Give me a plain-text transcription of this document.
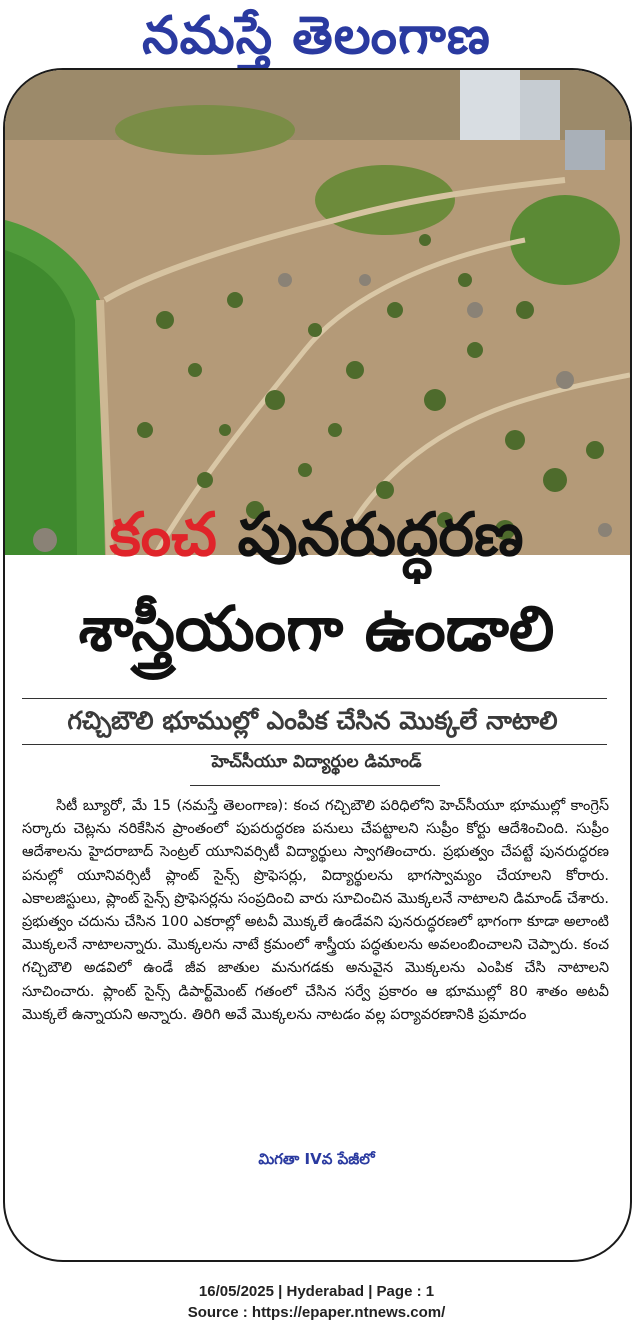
నమస్తే తెలంగాణ
కంచ పునరుద్ధరణ
శాస్త్రీయంగా ఉండాలి
గచ్చిబౌలి భూముల్లో ఎంపిక చేసిన మొక్కలే నాటాలి
హెచ్‌సీయూ విద్యార్థుల డిమాండ్

సిటీ బ్యూరో, మే 15 (నమస్తే తెలంగాణ): కంచ గచ్చిబౌలి పరిధిలోని హెచ్‌సీయూ భూముల్లో కాంగ్రెస్ సర్కారు చెట్లను నరికేసిన ప్రాంతంలో పుపరుద్ధరణ పనులు చేపట్టాలని సుప్రీం కోర్టు ఆదేశించింది. సుప్రీం ఆదేశాలను హైదరాబాద్ సెంట్రల్ యూనివర్సిటీ విద్యార్థులు స్వాగతించారు. ప్రభుత్వం చేపట్టే పునరుద్ధరణ పనుల్లో యూనివర్సిటీ ప్లాంట్ సైన్స్ ప్రొఫెసర్లు, విద్యార్థులను భాగస్వామ్యం చేయాలని కోరారు. ఎకాలజిస్టులు, ప్లాంట్ సైన్స్ ప్రొఫెసర్లను సంప్రదించి వారు సూచించిన మొక్కలనే నాటాలని డిమాండ్ చేశారు. ప్రభుత్వం చదును చేసిన 100 ఎకరాల్లో అటవీ మొక్కలే ఉండేవని పునరుద్ధరణలో భాగంగా కూడా అలాంటి మొక్కలనే నాటాలన్నారు. మొక్కలను నాటే క్రమంలో శాస్త్రీయ పద్ధతులను అవలంబించాలని చెప్పారు. కంచ గచ్చిబౌలి అడవిలో ఉండే జీవ జాతుల మనుగడకు అనువైన మొక్కలను ఎంపిక చేసి నాటాలని సూచించారు. ప్లాంట్ సైన్స్ డిపార్ట్‌మెంట్ గతంలో చేసిన సర్వే ప్రకారం ఆ భూముల్లో 80 శాతం అటవీ మొక్కలే ఉన్నాయని అన్నారు. తిరిగి అవే మొక్కలను నాటడం వల్ల పర్యావరణానికి ప్రమాదం

మిగతా IVవ పేజీలో
16/05/2025 | Hyderabad | Page : 1
Source : https://epaper.ntnews.com/
